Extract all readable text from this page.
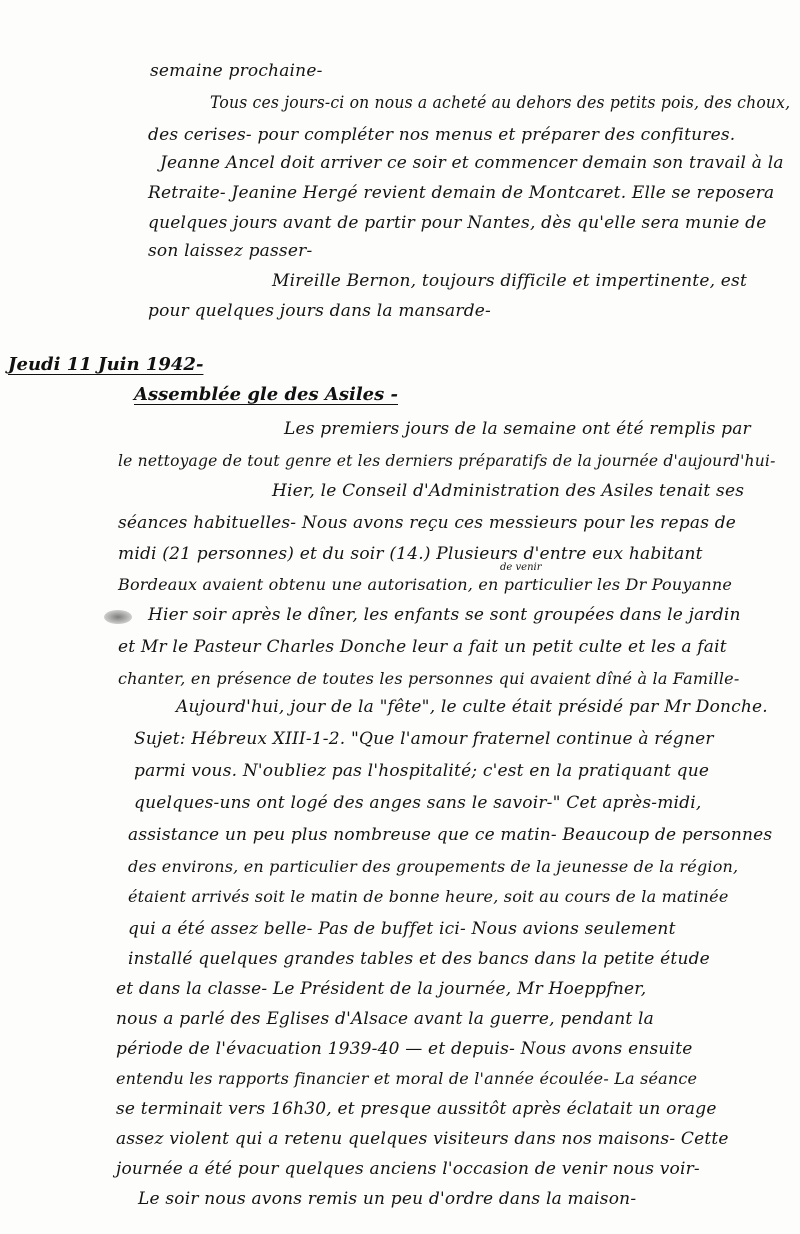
semaine prochaine-
Tous ces jours-ci on nous a acheté au dehors des petits pois, des choux,
des cerises- pour compléter nos menus et préparer des confitures.
Jeanne Ancel doit arriver ce soir et commencer demain son travail à la
Retraite- Jeanine Hergé revient demain de Montcaret. Elle se reposera
quelques jours avant de partir pour Nantes, dès qu'elle sera munie de
son laissez passer-
Mireille Bernon, toujours difficile et impertinente, est
pour quelques jours dans la mansarde-
Jeudi 11 Juin 1942-
Assemblée gle des Asiles -
Les premiers jours de la semaine ont été remplis par
le nettoyage de tout genre et les derniers préparatifs de la journée d'aujourd'hui-
Hier, le Conseil d'Administration des Asiles tenait ses
séances habituelles- Nous avons reçu ces messieurs pour les repas de
midi (21 personnes) et du soir (14.) Plusieurs d'entre eux habitant
de venir
Bordeaux avaient obtenu une autorisation, en particulier les Dr Pouyanne
Hier soir après le dîner, les enfants se sont groupées dans le jardin
et Mr le Pasteur Charles Donche leur a fait un petit culte et les a fait
chanter, en présence de toutes les personnes qui avaient dîné à la Famille-
Aujourd'hui, jour de la "fête", le culte était présidé par Mr Donche.
Sujet: Hébreux XIII-1-2. "Que l'amour fraternel continue à régner
parmi vous. N'oubliez pas l'hospitalité; c'est en la pratiquant que
quelques-uns ont logé des anges sans le savoir-" Cet après-midi,
assistance un peu plus nombreuse que ce matin- Beaucoup de personnes
des environs, en particulier des groupements de la jeunesse de la région,
étaient arrivés soit le matin de bonne heure, soit au cours de la matinée
qui a été assez belle- Pas de buffet ici- Nous avions seulement
installé quelques grandes tables et des bancs dans la petite étude
et dans la classe- Le Président de la journée, Mr Hoeppfner,
nous a parlé des Eglises d'Alsace avant la guerre, pendant la
période de l'évacuation 1939-40 — et depuis- Nous avons ensuite
entendu les rapports financier et moral de l'année écoulée- La séance
se terminait vers 16h30, et presque aussitôt après éclatait un orage
assez violent qui a retenu quelques visiteurs dans nos maisons- Cette
journée a été pour quelques anciens l'occasion de venir nous voir-
Le soir nous avons remis un peu d'ordre dans la maison-
